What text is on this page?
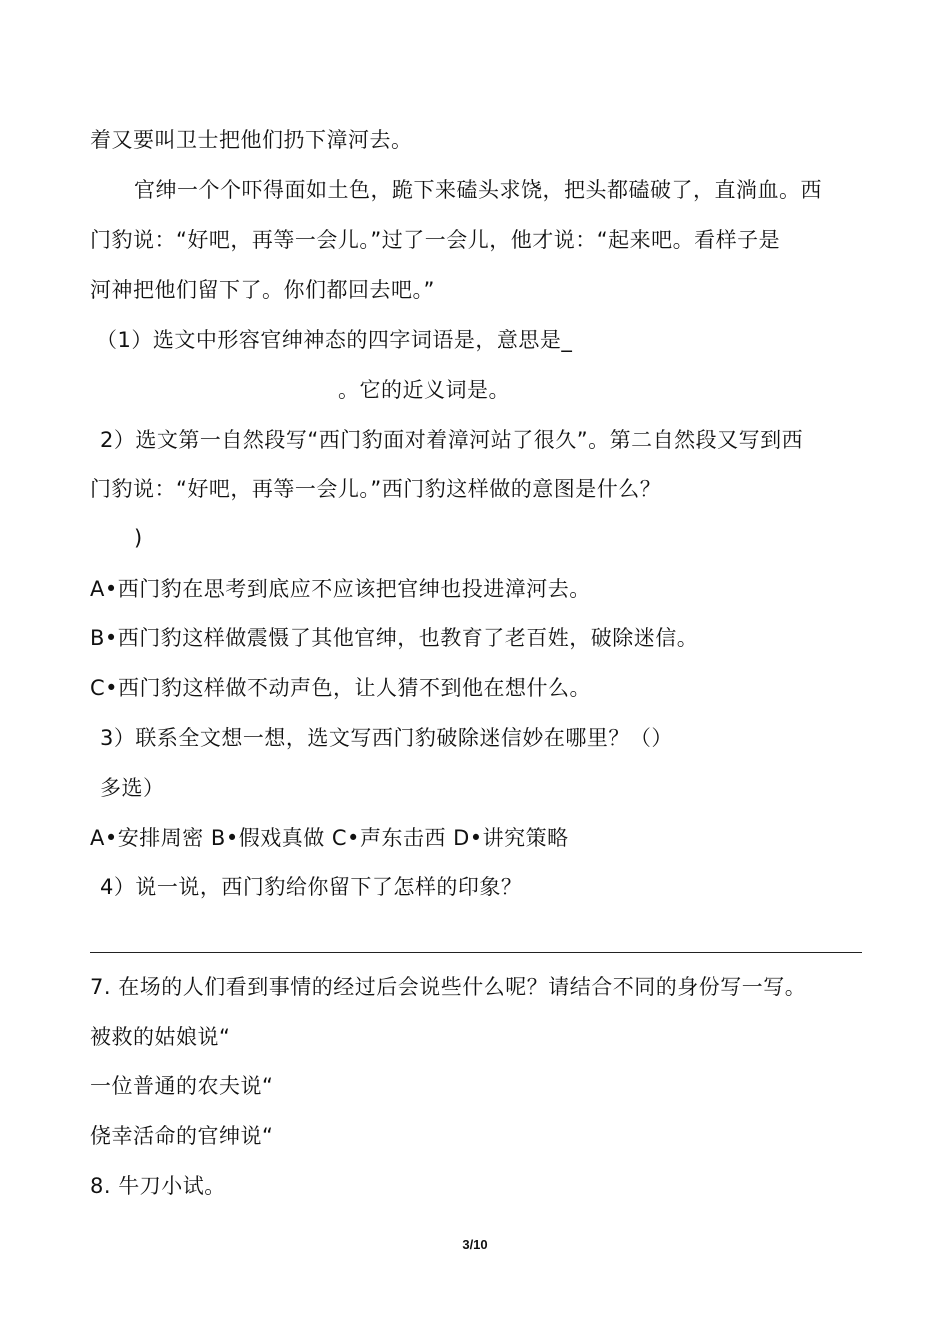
着又要叫卫士把他们扔下漳河去。
官绅一个个吓得面如土色，跪下来磕头求饶，把头都磕破了，直淌血。西
门豹说：“好吧，再等一会儿。”过了一会儿，他才说：“起来吧。看样子是
河神把他们留下了。你们都回去吧。”
（1）选文中形容官绅神态的四字词语是，意思是_
。它的近义词是。
2）选文第一自然段写“西门豹面对着漳河站了很久”。第二自然段又写到西
门豹说：“好吧，再等一会儿。”西门豹这样做的意图是什么？
)
A•西门豹在思考到底应不应该把官绅也投进漳河去。
B•西门豹这样做震慑了其他官绅，也教育了老百姓，破除迷信。
C•西门豹这样做不动声色，让人猜不到他在想什么。
3）联系全文想一想，选文写西门豹破除迷信妙在哪里？（）
多选）
A•安排周密 B•假戏真做 C•声东击西 D•讲究策略
4）说一说，西门豹给你留下了怎样的印象？
7. 在场的人们看到事情的经过后会说些什么呢？请结合不同的身份写一写。
被救的姑娘说“
一位普通的农夫说“
侥幸活命的官绅说“
8. 牛刀小试。
3/10
